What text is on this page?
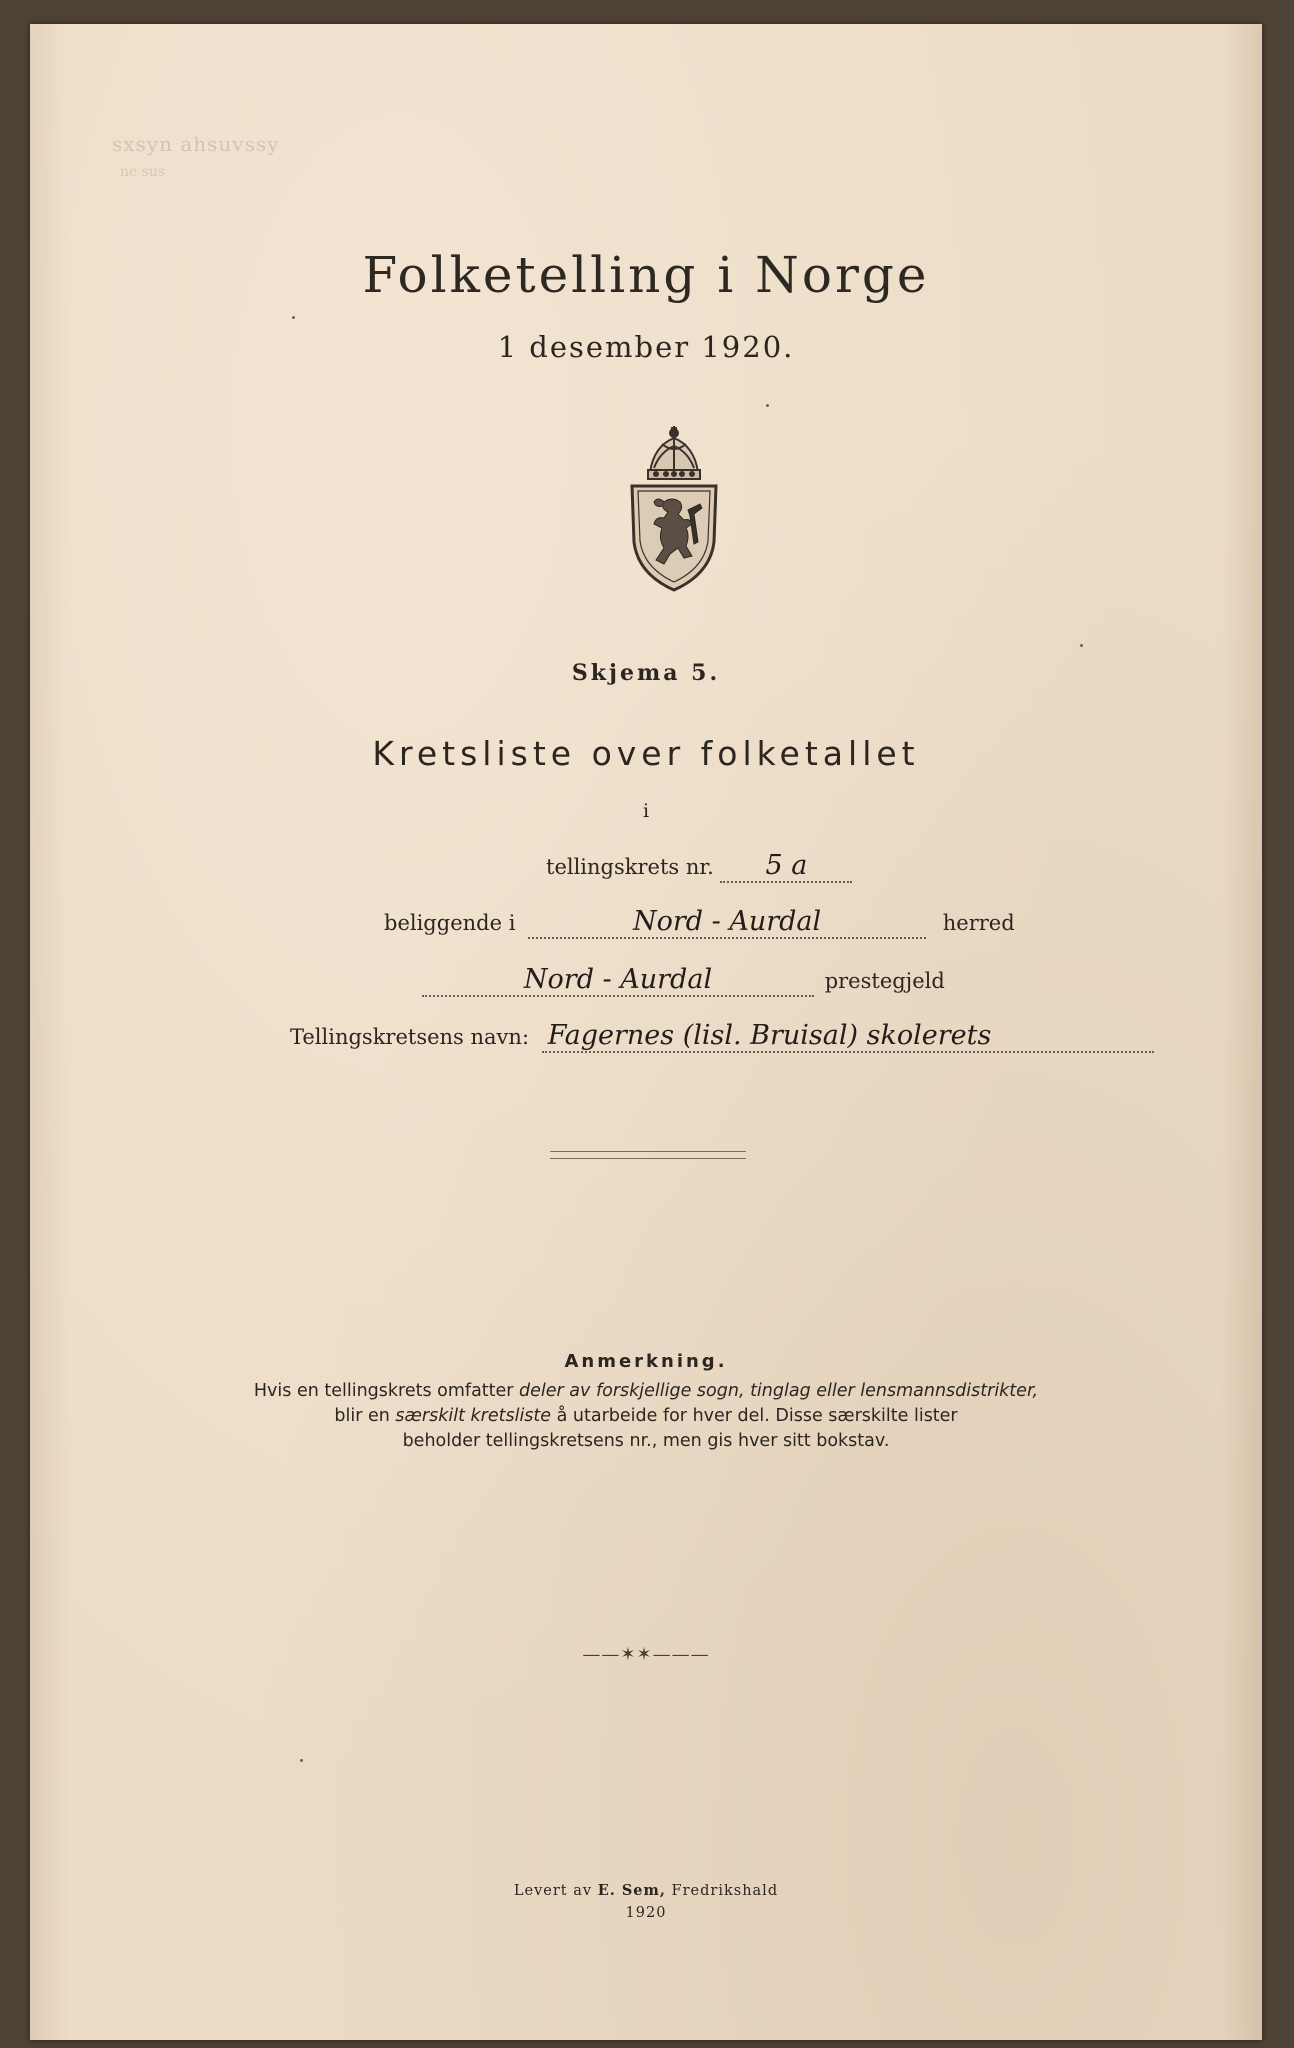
sxsyn ahsuvssy
ne sus
Folketelling i Norge
1 desember 1920.
Skjema 5.
Kretsliste over folketallet
i
tellingskrets nr. 5 a
beliggende i	Nord - Aurdal	herred
Nord - Aurdal	prestegjeld
Tellingskretsens navn: Fagernes (lisl. Bruisal) skolerets
Anmerkning.
Hvis en tellingskrets omfatter deler av forskjellige sogn, tinglag eller lensmannsdistrikter,
blir en særskilt kretsliste å utarbeide for hver del. Disse særskilte lister
beholder tellingskretsens nr., men gis hver sitt bokstav.
——✶✶———
Levert av E. Sem, Fredrikshald
1920
